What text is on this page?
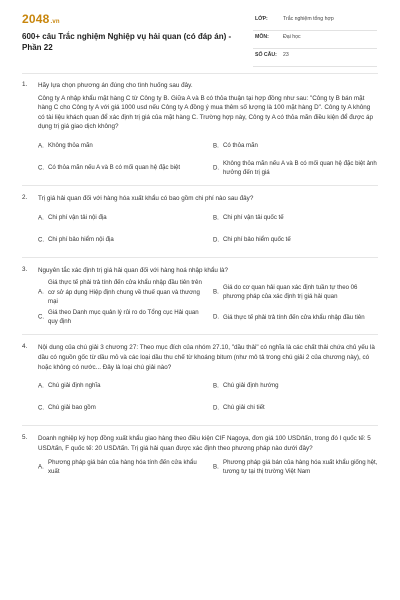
2048.vn
600+ câu Trắc nghiệm Nghiệp vụ hải quan (có đáp án) - Phần 22
LỚP:	Trắc nghiệm tổng hợp
MÔN:	Đại học
SỐ CÂU: 23
1. Hãy lựa chọn phương án đúng cho tình huống sau đây.

Công ty A nhập khẩu mặt hàng C từ Công ty B. Giữa A và B có thỏa thuận tại hợp đồng như sau: "Công ty B bán mặt hàng C cho Công ty A với giá 1000 usd nếu Công ty A đồng ý mua thêm số lượng là 100 mặt hàng D". Công ty A không có tài liệu khách quan để xác định trị giá của mặt hàng C. Trường hợp này, Công ty A có thỏa mãn điều kiện để được áp dụng trị giá giao dịch không?

A. Không thỏa mãn	B. Có thỏa mãn
C. Có thỏa mãn nếu A và B có mối quan hệ đặc biệt	D.
Không thỏa mãn nếu A và B có mối quan hệ đặc biệt ảnh hưởng đến trị giá
2. Trị giá hải quan đối với hàng hóa xuất khẩu có bao gồm chi phí nào sau đây?

A. Chi phí vận tải nội địa	B. Chi phí vận tải quốc tế
C. Chi phí bảo hiểm nội địa	D. Chi phí bảo hiểm quốc tế
3. Nguyên tắc xác định trị giá hải quan đối với hàng hoá nhập khẩu là?

A.
Giá thực tế phải trả tính đến cửa khẩu nhập đầu tiên trên cơ sở áp dụng Hiệp định chung về thuế quan và thương mại
B.
Giá do cơ quan hải quan xác định tuần tự theo 06 phương pháp của xác định trị giá hải quan
C.
Giá theo Danh mục quản lý rủi ro do Tổng cục Hải quan quy định
D. Giá thực tế phải trả tính đến cửa khẩu nhập đầu tiên
4. Nội dung của chú giải 3 chương 27: Theo mục đích của nhóm 27.10, "dầu thải" có nghĩa là các chất thải chứa chủ yếu là dầu có nguồn gốc từ dầu mỏ và các loại dầu thu chế từ khoáng bitum (như mô tả trong chú giải 2 của chương này), có hoặc không có nước... Đây là loại chú giải nào?

A. Chú giải định nghĩa	B. Chú giải định hướng
C. Chú giải bao gồm	D. Chú giải chi tiết
5. Doanh nghiệp ký hợp đồng xuất khẩu giao hàng theo điều kiện CIF Nagoya, đơn giá 100 USD/tấn, trong đó I quốc tế: 5 USD/tấn, F quốc tế: 20 USD/tấn. Trị giá hải quan được xác định theo phương pháp nào dưới đây?

A.
Phương pháp giá bán của hàng hóa tính đến cửa khẩu xuất
B.
Phương pháp giá bán của hàng hóa xuất khẩu giống hệt, tương tự tại thị trường Việt Nam
